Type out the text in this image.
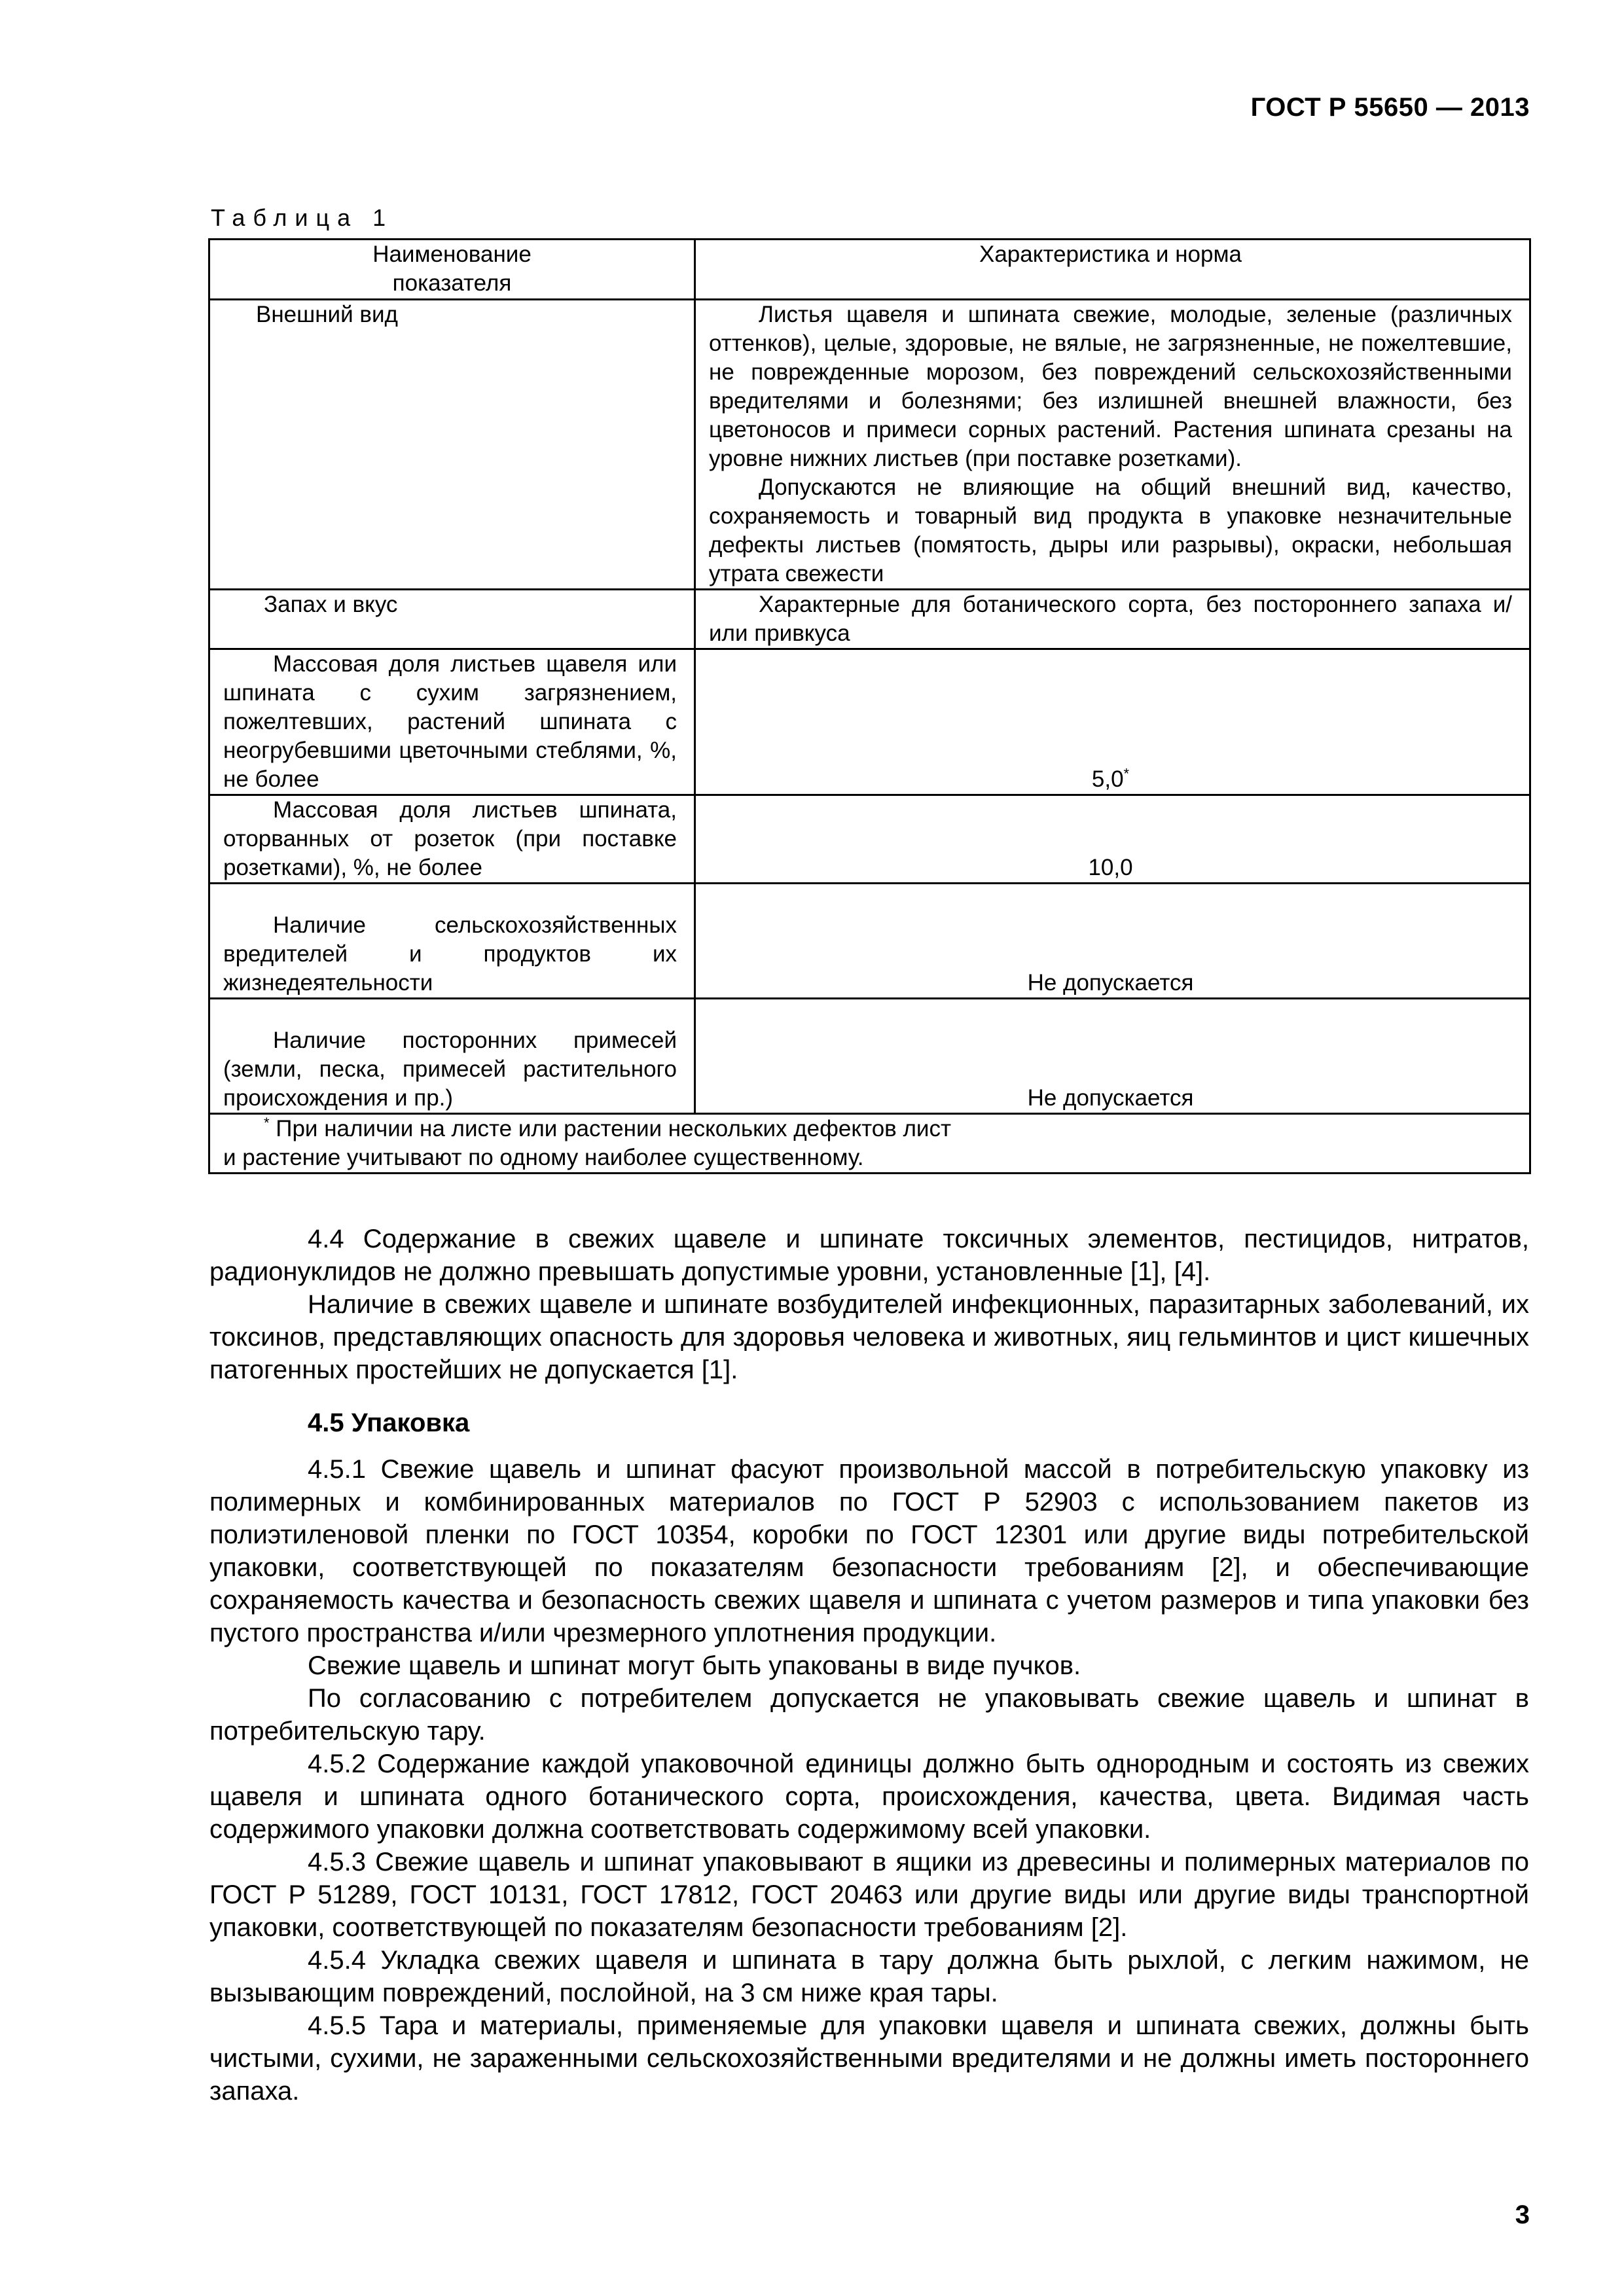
ГОСТ Р 55650 — 2013
Таблица 1
Наименование показателя	Характеристика и норма
Внешний вид	Листья щавеля и шпината свежие, молодые, зеленые (различных оттенков), целые, здоровые, не вялые, не загрязненные, не пожелтевшие, не поврежденные морозом, без повреждений сельскохозяйственными вредителями и болезнями; без излишней внешней влажности, без цветоносов и примеси сорных растений. Растения шпината срезаны на уровне нижних листьев (при поставке розетками).
Допускаются не влияющие на общий внешний вид, качество, сохраняемость и товарный вид продукта в упаковке незначительные дефекты листьев (помятость, дыры или разрывы), окраски, небольшая утрата свежести

Запах и вкус	Характерные для ботанического сорта, без постороннего запаха и/или привкуса

Массовая доля листьев щавеля или шпината с сухим загрязнением, пожелтевших, растений шпината с неогрубевшими цветочными стеблями, %, не более	5,0*

Массовая доля листьев шпината, оторванных от розеток (при поставке розетками), %, не более	10,0

Наличие сельскохозяйственных вредителей и продуктов их жизнедеятельности	Не допускается

Наличие посторонних примесей (земли, песка, примесей растительного происхождения и пр.)	Не допускается
* При наличии на листе или растении нескольких дефектов лист и растение учитывают по одному наиболее существенному.	

4.4 Содержание в свежих щавеле и шпинате токсичных элементов, пестицидов, нитратов, радионуклидов не должно превышать допустимые уровни, установленные [1], [4].

Наличие в свежих щавеле и шпинате возбудителей инфекционных, паразитарных заболеваний, их токсинов, представляющих опасность для здоровья человека и животных, яиц гельминтов и цист кишечных патогенных простейших не допускается [1].

4.5 Упаковка

4.5.1 Свежие щавель и шпинат фасуют произвольной массой в потребительскую упаковку из полимерных и комбинированных материалов по ГОСТ Р 52903 с использованием пакетов из полиэтиленовой пленки по ГОСТ 10354, коробки по ГОСТ 12301 или другие виды потребительской упаковки, соответствующей по показателям безопасности требованиям [2], и обеспечивающие сохраняемость качества и безопасность свежих щавеля и шпината с учетом размеров и типа упаковки без пустого пространства и/или чрезмерного уплотнения продукции.

Свежие щавель и шпинат могут быть упакованы в виде пучков.

По согласованию с потребителем допускается не упаковывать свежие щавель и шпинат в потребительскую тару.

4.5.2 Содержание каждой упаковочной единицы должно быть однородным и состоять из свежих щавеля и шпината одного ботанического сорта, происхождения, качества, цвета. Видимая часть содержимого упаковки должна соответствовать содержимому всей упаковки.

4.5.3 Свежие щавель и шпинат упаковывают в ящики из древесины и полимерных материалов по ГОСТ Р 51289, ГОСТ 10131, ГОСТ 17812, ГОСТ 20463 или другие виды или другие виды транспортной упаковки, соответствующей по показателям безопасности требованиям [2].

4.5.4 Укладка свежих щавеля и шпината в тару должна быть рыхлой, с легким нажимом, не вызывающим повреждений, послойной, на 3 см ниже края тары.

4.5.5 Тара и материалы, применяемые для упаковки щавеля и шпината свежих, должны быть чистыми, сухими, не зараженными сельскохозяйственными вредителями и не должны иметь постороннего запаха.

3
